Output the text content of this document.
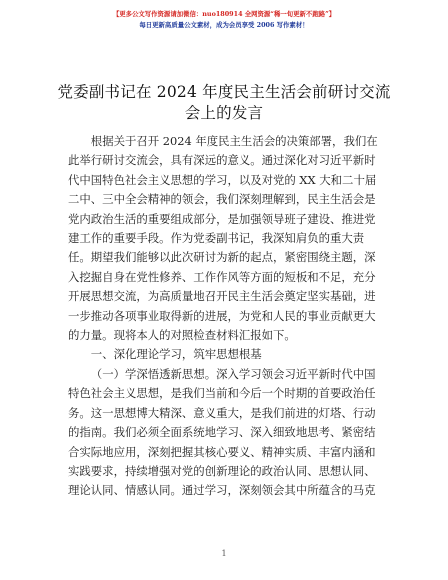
【更多公文写作资源请加微信：nuo180914 全网资源“稀一旬更新不跑路”】
每日更新高质量公文素材，成为会员享受 2006 写作素材！
党委副书记在 2024 年度民主生活会前研讨交流
会上的发言
根据关于召开 2024 年度民主生活会的决策部署，我们在
此举行研讨交流会，具有深远的意义。通过深化对习近平新时
代中国特色社会主义思想的学习，以及对党的 XX 大和二十届
二中、三中全会精神的领会，我们深刻理解到，民主生活会是
党内政治生活的重要组成部分，是加强领导班子建设、推进党
建工作的重要手段。作为党委副书记，我深知肩负的重大责
任。期望我们能够以此次研讨为新的起点，紧密围绕主题，深
入挖掘自身在党性修养、工作作风等方面的短板和不足，充分
开展思想交流，为高质量地召开民主生活会奠定坚实基础，进
一步推动各项事业取得新的进展，为党和人民的事业贡献更大
的力量。现将本人的对照检查材料汇报如下。
一、深化理论学习，筑牢思想根基
（一）学深悟透新思想。深入学习领会习近平新时代中国
特色社会主义思想，是我们当前和今后一个时期的首要政治任
务。这一思想博大精深、意义重大，是我们前进的灯塔、行动
的指南。我们必须全面系统地学习、深入细致地思考、紧密结
合实际地应用，深刻把握其核心要义、精神实质、丰富内涵和
实践要求，持续增强对党的创新理论的政治认同、思想认同、
理论认同、情感认同。通过学习，深刻领会其中所蕴含的马克
1
